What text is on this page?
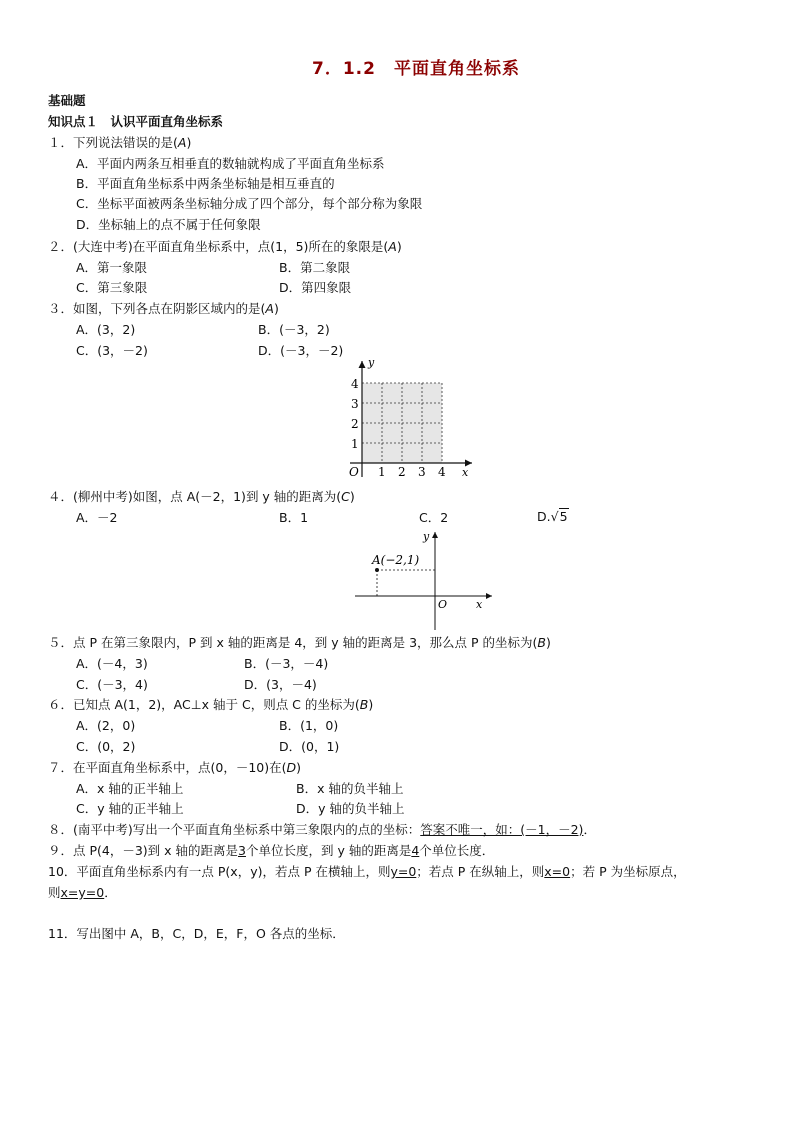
7．1.2　平面直角坐标系
基础题
知识点１　认识平面直角坐标系
１．下列说法错误的是(A)
A．平面内两条互相垂直的数轴就构成了平面直角坐标系
B．平面直角坐标系中两条坐标轴是相互垂直的
C．坐标平面被两条坐标轴分成了四个部分，每个部分称为象限
D．坐标轴上的点不属于任何象限
２．(大连中考)在平面直角坐标系中，点(1，5)所在的象限是(A)
A．第一象限	B．第二象限
C．第三象限	D．第四象限
３．如图，下列各点在阴影区域内的是(A)
A．(3，2)	B．(－3，2)
C．(3，－2)	D．(－3，－2)
y
x
O 1 2 3 4
1
2
3
4
４．(柳州中考)如图，点 A(－2，1)到 y 轴的距离为(C)
A．－2	B．1	C．2	D.√5
A(−2,1)
y
x
O
５．点 P 在第三象限内，P 到 x 轴的距离是 4，到 y 轴的距离是 3，那么点 P 的坐标为(B)
A．(－4，3)	B．(－3，－4)
C．(－3，4)	D．(3，－4)
６．已知点 A(1，2)，AC⊥x 轴于 C，则点 C 的坐标为(B)
A．(2，0)	B．(1，0)
C．(0，2)	D．(0，1)
７．在平面直角坐标系中，点(0，－10)在(D)
A．x 轴的正半轴上	B．x 轴的负半轴上
C．y 轴的正半轴上	D．y 轴的负半轴上
８．(南平中考)写出一个平面直角坐标系中第三象限内的点的坐标：答案不唯一，如：(－1，－2)．
９．点 P(4，－3)到 x 轴的距离是3个单位长度，到 y 轴的距离是4个单位长度．
10．平面直角坐标系内有一点 P(x，y)，若点 P 在横轴上，则y=0；若点 P 在纵轴上，则x=0；若 P 为坐标原点，
则x=y=0．
11．写出图中 A，B，C，D，E，F，O 各点的坐标．
